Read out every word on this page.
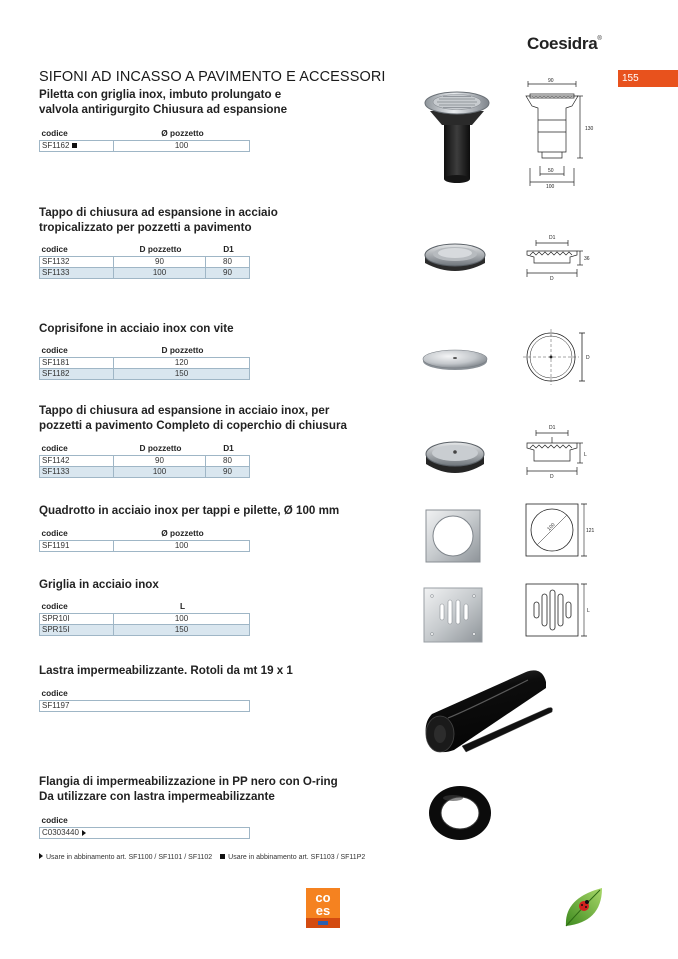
Coesidra®
155
SIFONI AD INCASSO A PAVIMENTO E ACCESSORI
Piletta con griglia inox, imbuto prolungato e
valvola antirigurgito Chiusura ad espansione
codice	Ø pozzetto
SF1162	100
Tappo di chiusura ad espansione in acciaio
tropicalizzato per pozzetti a pavimento
codice	D pozzetto	D1
SF1132	90	80
SF1133	100	90
Coprisifone in acciaio inox con vite
codice	D pozzetto
SF1181	120
SF1182	150
Tappo di chiusura ad espansione in acciaio inox, per
pozzetti a pavimento Completo di coperchio di chiusura
codice	D pozzetto	D1
SF1142	90	80
SF1133	100	90
Quadrotto in acciaio inox per tappi e pilette, Ø 100 mm
codice	Ø pozzetto
SF1191	100
Griglia in acciaio inox
codice	L
SPR10I	100
SPR15I	150
Lastra impermeabilizzante. Rotoli da mt 19 x 1
codice
SF1197
Flangia di impermeabilizzazione in PP nero con O-ring
Da utilizzare con lastra impermeabilizzante
codice
C0303440
Usare in abbinamento art. SF1100 / SF1101 / SF1102 Usare in abbinamento art. SF1103 / SF11P2
90
130
50
100
D1
36
D
D
D1
L
D
100	121
L
co
es
